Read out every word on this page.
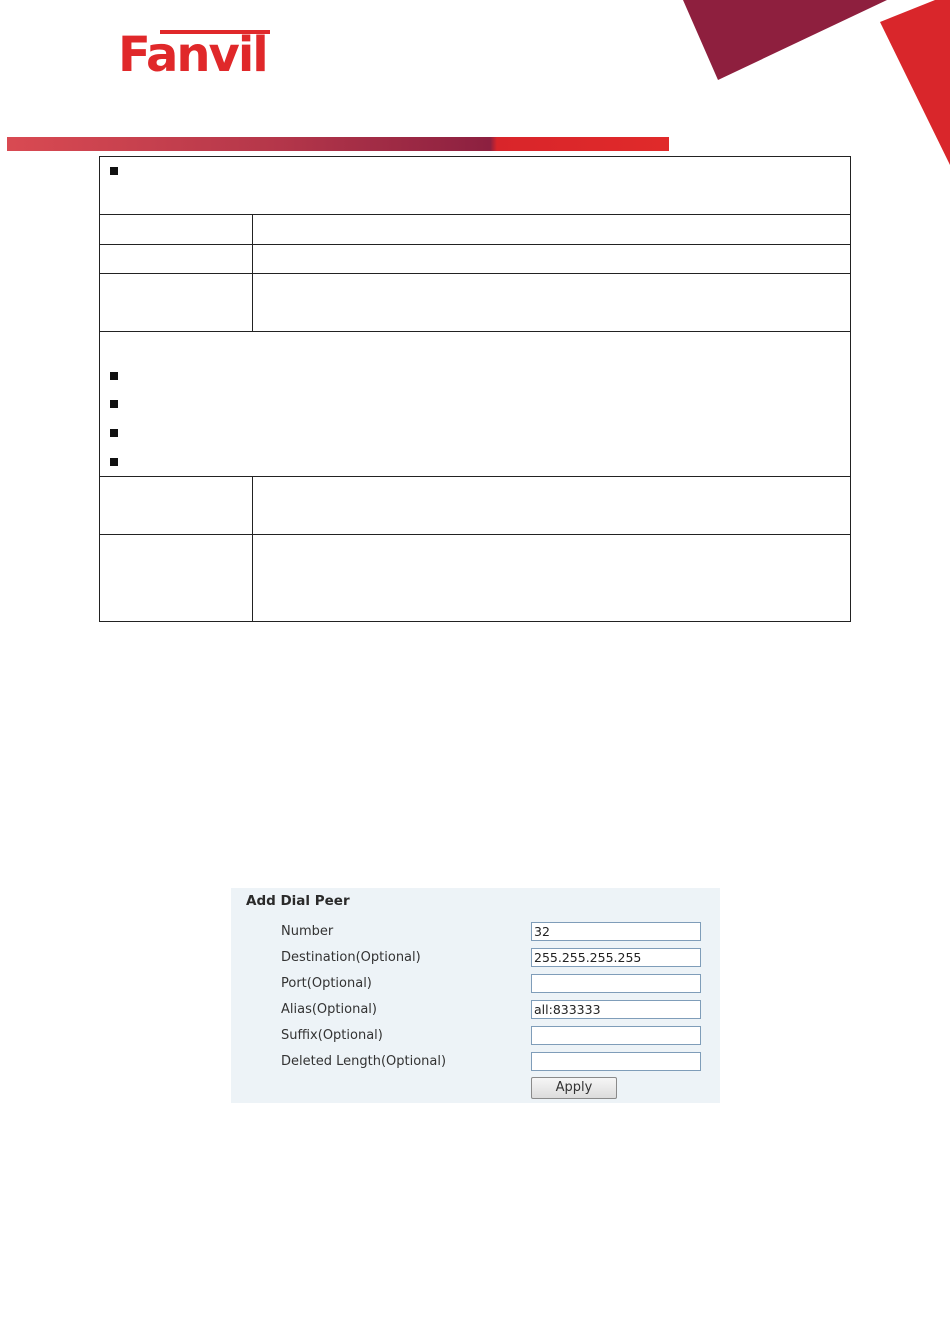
Fanvil
Add Dial Peer
Number	32
Destination(Optional)	255.255.255.255
Port(Optional)
Alias(Optional)	all:833333
Suffix(Optional)
Deleted Length(Optional)
Apply
